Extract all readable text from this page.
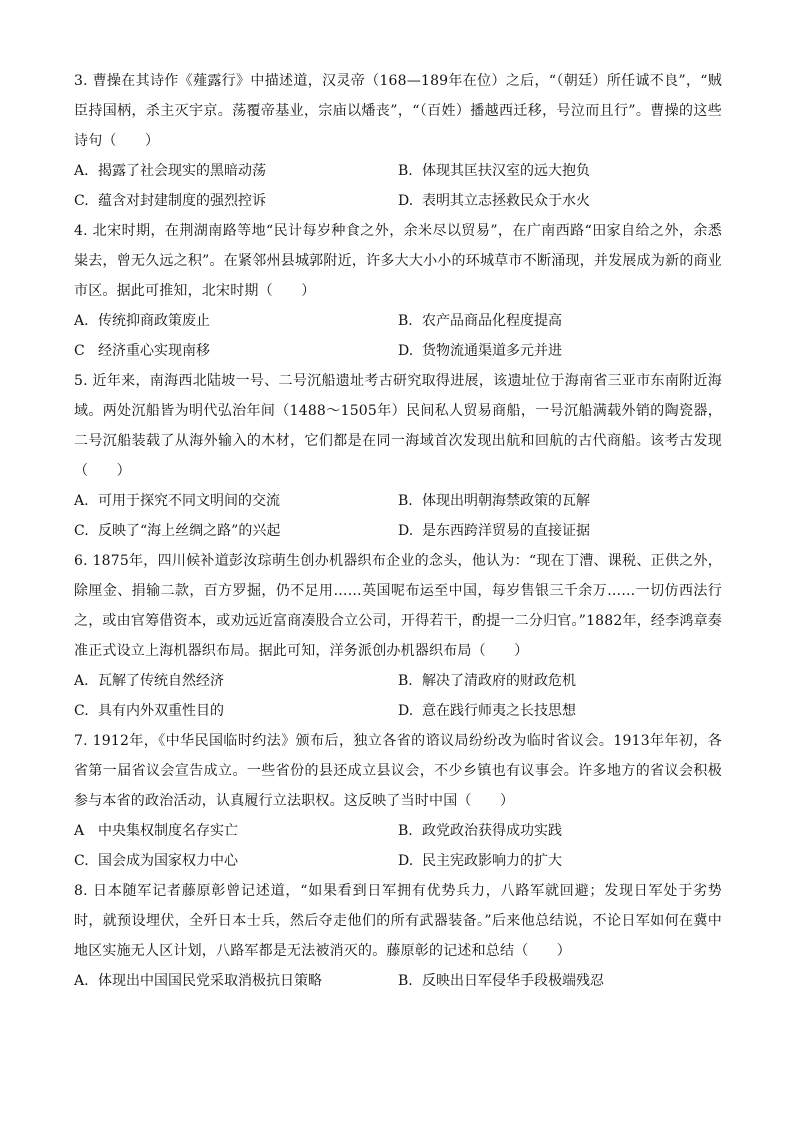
3. 曹操在其诗作《薤露行》中描述道，汉灵帝（168—189年在位）之后，“（朝廷）所任诚不良”，“贼臣持国柄，杀主灭宇京。荡覆帝基业，宗庙以燔丧”，“（百姓）播越西迁移，号泣而且行”。曹操的这些诗句（　　）

A. 揭露了社会现实的黑暗动荡	B. 体现其匡扶汉室的远大抱负
C. 蕴含对封建制度的强烈控诉	D. 表明其立志拯救民众于水火

4. 北宋时期，在荆湖南路等地“民计每岁种食之外，余米尽以贸易”，在广南西路“田家自给之外，余悉粜去，曾无久远之积”。在紧邻州县城郭附近，许多大大小小的环城草市不断涌现，并发展成为新的商业市区。据此可推知，北宋时期（　　）

A. 传统抑商政策废止	B. 农产品商品化程度提高
C 经济重心实现南移	D. 货物流通渠道多元并进

5. 近年来，南海西北陆坡一号、二号沉船遗址考古研究取得进展，该遗址位于海南省三亚市东南附近海域。两处沉船皆为明代弘治年间（1488～1505年）民间私人贸易商船，一号沉船满载外销的陶瓷器，二号沉船装载了从海外输入的木材，它们都是在同一海域首次发现出航和回航的古代商船。该考古发现（　　）

A. 可用于探究不同文明间的交流	B. 体现出明朝海禁政策的瓦解
C. 反映了“海上丝绸之路”的兴起	D. 是东西跨洋贸易的直接证据

6. 1875年，四川候补道彭汝琮萌生创办机器织布企业的念头，他认为：“现在丁漕、课税、正供之外，除厘金、捐输二款，百方罗掘，仍不足用……英国呢布运至中国，每岁售银三千余万……一切仿西法行之，或由官筹借资本，或劝远近富商凑股合立公司，开得若干，酌提一二分归官。”1882年，经李鸿章奏准正式设立上海机器织布局。据此可知，洋务派创办机器织布局（　　）

A. 瓦解了传统自然经济	B. 解决了清政府的财政危机
C. 具有内外双重性目的	D. 意在践行师夷之长技思想

7. 1912年，《中华民国临时约法》颁布后，独立各省的谘议局纷纷改为临时省议会。1913年年初，各省第一届省议会宣告成立。一些省份的县还成立县议会，不少乡镇也有议事会。许多地方的省议会积极参与本省的政治活动，认真履行立法职权。这反映了当时中国（　　）

A 中央集权制度名存实亡	B. 政党政治获得成功实践
C. 国会成为国家权力中心	D. 民主宪政影响力的扩大

8. 日本随军记者藤原彰曾记述道，“如果看到日军拥有优势兵力，八路军就回避；发现日军处于劣势时，就预设埋伏，全歼日本士兵，然后夺走他们的所有武器装备。”后来他总结说，不论日军如何在冀中地区实施无人区计划，八路军都是无法被消灭的。藤原彰的记述和总结（　　）

A. 体现出中国国民党采取消极抗日策略	B. 反映出日军侵华手段极端残忍
